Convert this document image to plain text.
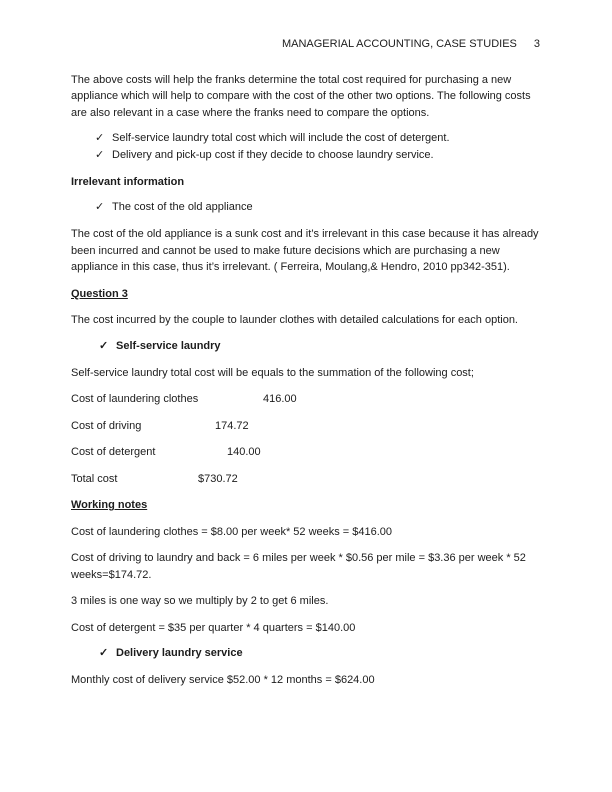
MANAGERIAL ACCOUNTING, CASE STUDIES 3

The above costs will help the franks determine the total cost required for purchasing a new appliance which will help to compare with the cost of the other two options. The following costs are also relevant in a case where the franks need to compare the options.

✓ Self-service laundry total cost which will include the cost of detergent.
✓ Delivery and pick-up cost if they decide to choose laundry service.

Irrelevant information

✓ The cost of the old appliance

The cost of the old appliance is a sunk cost and it’s irrelevant in this case because it has already been incurred and cannot be used to make future decisions which are purchasing a new appliance in this case, thus it’s irrelevant. ( Ferreira, Moulang,& Hendro, 2010 pp342-351).

Question 3

The cost incurred by the couple to launder clothes with detailed calculations for each option.

✓ Self-service laundry

Self-service laundry total cost will be equals to the summation of the following cost;

Cost of laundering clothes	416.00
Cost of driving	174.72
Cost of detergent	140.00
Total cost	$730.72

Working notes

Cost of laundering clothes = $8.00 per week* 52 weeks = $416.00

Cost of driving to laundry and back = 6 miles per week * $0.56 per mile = $3.36 per week * 52 weeks=$174.72.

3 miles is one way so we multiply by 2 to get 6 miles.

Cost of detergent = $35 per quarter * 4 quarters = $140.00

✓ Delivery laundry service

Monthly cost of delivery service $52.00 * 12 months = $624.00
